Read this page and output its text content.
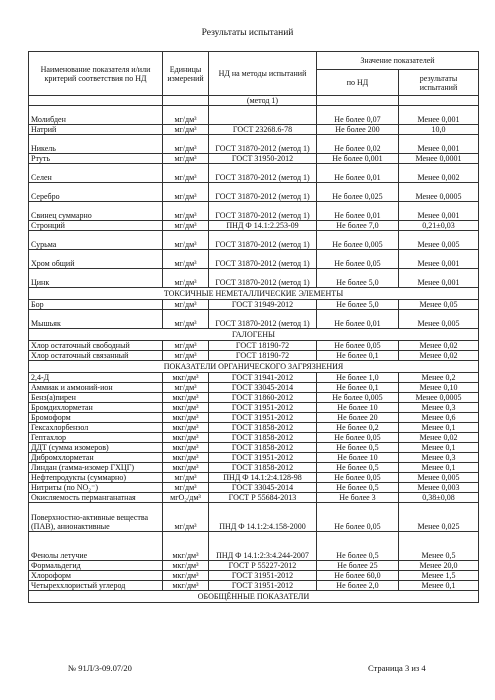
Результаты испытаний
Наименование показателя и/или критерий соответствия по НД	Единицы измерений	НД на методы испытаний	Значение показателей	
			по НД	результаты испытаний
		(метод 1)		
Молибден	мг/дм³		Не более 0,07	Менее 0,001
Натрий	мг/дм³	ГОСТ 23268.6-78	Не более 200	10,0
Никель	мг/дм³	ГОСТ 31870-2012 (метод 1)	Не более 0,02	Менее 0,001
Ртуть	мг/дм³	ГОСТ 31950-2012	Не более 0,001	Менее 0,0001
Селен	мг/дм³	ГОСТ 31870-2012 (метод 1)	Не более 0,01	Менее 0,002
Серебро	мг/дм³	ГОСТ 31870-2012 (метод 1)	Не более 0,025	Менее 0,0005
Свинец суммарно	мг/дм³	ГОСТ 31870-2012 (метод 1)	Не более 0,01	Менее 0,001
Стронций	мг/дм³	ПНД Ф 14.1:2.253-09	Не более 7,0	0,21±0,03
Сурьма	мг/дм³	ГОСТ 31870-2012 (метод 1)	Не более 0,005	Менее 0,005
Хром общий	мг/дм³	ГОСТ 31870-2012 (метод 1)	Не более 0,05	Менее 0,001
Цинк	мг/дм³	ГОСТ 31870-2012 (метод 1)	Не более 5,0	Менее 0,001
ТОКСИЧНЫЕ НЕМЕТАЛЛИЧЕСКИЕ ЭЛЕМЕНТЫ				
Бор	мг/дм³	ГОСТ 31949-2012	Не более 5,0	Менее 0,05
Мышьяк	мг/дм³	ГОСТ 31870-2012 (метод 1)	Не более 0,01	Менее 0,005
ГАЛОГЕНЫ				
Хлор остаточный свободный	мг/дм³	ГОСТ 18190-72	Не более 0,05	Менее 0,02
Хлор остаточный связанный	мг/дм³	ГОСТ 18190-72	Не более 0,1	Менее 0,02
ПОКАЗАТЕЛИ ОРГАНИЧЕСКОГО ЗАГРЯЗНЕНИЯ				
2,4-Д	мкг/дм³	ГОСТ 31941-2012	Не более 1,0	Менее 0,2
Аммиак и аммоний-ион	мг/дм³	ГОСТ 33045-2014	Не более 0,1	Менее 0,10
Бенз(а)пирен	мкг/дм³	ГОСТ 31860-2012	Не более 0,005	Менее 0,0005
Бромдихлорметан	мкг/дм³	ГОСТ 31951-2012	Не более 10	Менее 0,3
Бромоформ	мкг/дм³	ГОСТ 31951-2012	Не более 20	Менее 0,6
Гексахлорбензол	мкг/дм³	ГОСТ 31858-2012	Не более 0,2	Менее 0,1
Гептахлор	мкг/дм³	ГОСТ 31858-2012	Не более 0,05	Менее 0,02
ДДТ (сумма изомеров)	мкг/дм³	ГОСТ 31858-2012	Не более 0,5	Менее 0,1
Дибромхлорметан	мкг/дм³	ГОСТ 31951-2012	Не более 10	Менее 0,3
Линдан (гамма-изомер ГХЦГ)	мкг/дм³	ГОСТ 31858-2012	Не более 0,5	Менее 0,1
Нефтепродукты (суммарно)	мг/дм³	ПНД Ф 14.1:2:4.128-98	Не более 0,05	Менее 0,005
Нитриты (по NO₂⁻)	мг/дм³	ГОСТ 33045-2014	Не более 0,5	Менее 0,003
Окисляемость перманганатная	мгО₂/дм³	ГОСТ Р 55684-2013	Не более 3	0,38±0,08
Поверхностно-активные вещества (ПАВ), анионактивные	мг/дм³	ПНД Ф 14.1:2:4.158-2000	Не более 0,05	Менее 0,025
Фенолы летучие	мкг/дм³	ПНД Ф 14.1:2:3:4.244-2007	Не более 0,5	Менее 0,5
Формальдегид	мкг/дм³	ГОСТ Р 55227-2012	Не более 25	Менее 20,0
Хлороформ	мкг/дм³	ГОСТ 31951-2012	Не более 60,0	Менее 1,5
Четыреххлористый углерод	мкг/дм³	ГОСТ 31951-2012	Не более 2,0	Менее 0,1
ОБОБЩЁННЫЕ ПОКАЗАТЕЛИ				
№ 91Л/3-09.07/20	Страница 3 из 4
